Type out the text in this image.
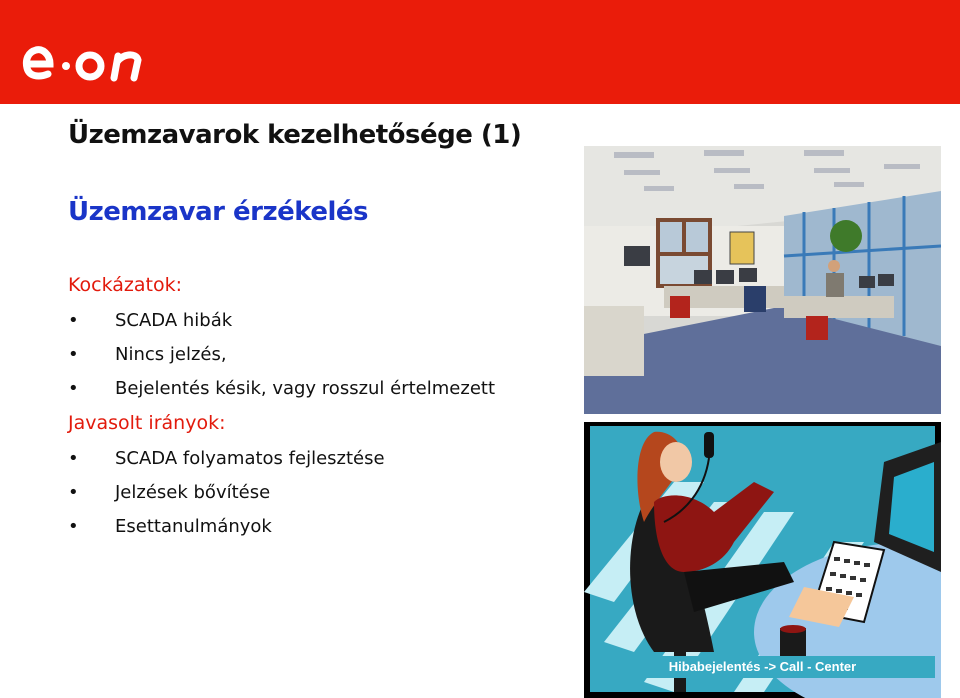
Üzemzavarok kezelhetősége (1)
Üzemzavar érzékelés
Kockázatok:
• SCADA hibák
• Nincs jelzés,
• Bejelentés késik, vagy rosszul értelmezett
Javasolt irányok:
• SCADA folyamatos fejlesztése
• Jelzések bővítése
• Esettanulmányok
Hibabejelentés -> Call - Center
